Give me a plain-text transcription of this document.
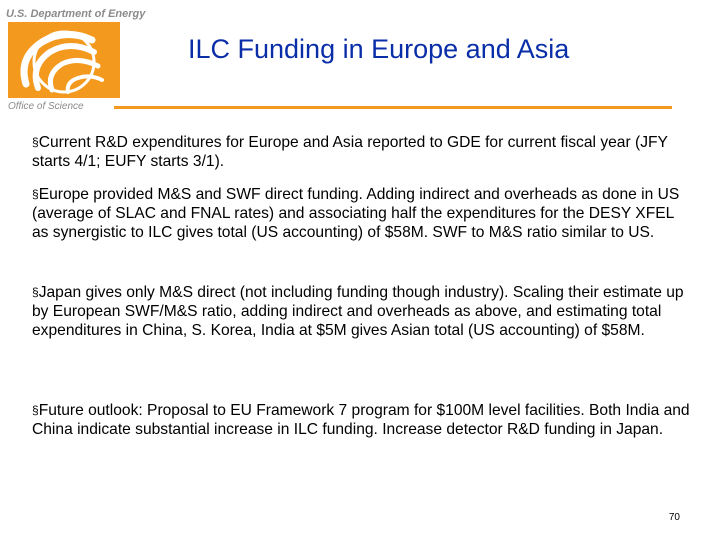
U.S. Department of Energy
Office of Science
ILC Funding in Europe and Asia

§Current R&D expenditures for Europe and Asia reported to GDE for current fiscal year (JFY starts 4/1; EUFY starts 3/1).

§Europe provided M&S and SWF direct funding. Adding indirect and overheads as done in US (average of SLAC and FNAL rates) and associating half the expenditures for the DESY XFEL as synergistic to ILC gives total (US accounting) of $58M. SWF to M&S ratio similar to US.

§Japan gives only M&S direct (not including funding though industry). Scaling their estimate up by European SWF/M&S ratio, adding indirect and overheads as above, and estimating total expenditures in China, S. Korea, India at $5M gives Asian total (US accounting) of $58M.

§Future outlook: Proposal to EU Framework 7 program for $100M level facilities. Both India and China indicate substantial increase in ILC funding. Increase detector R&D funding in Japan.

70
